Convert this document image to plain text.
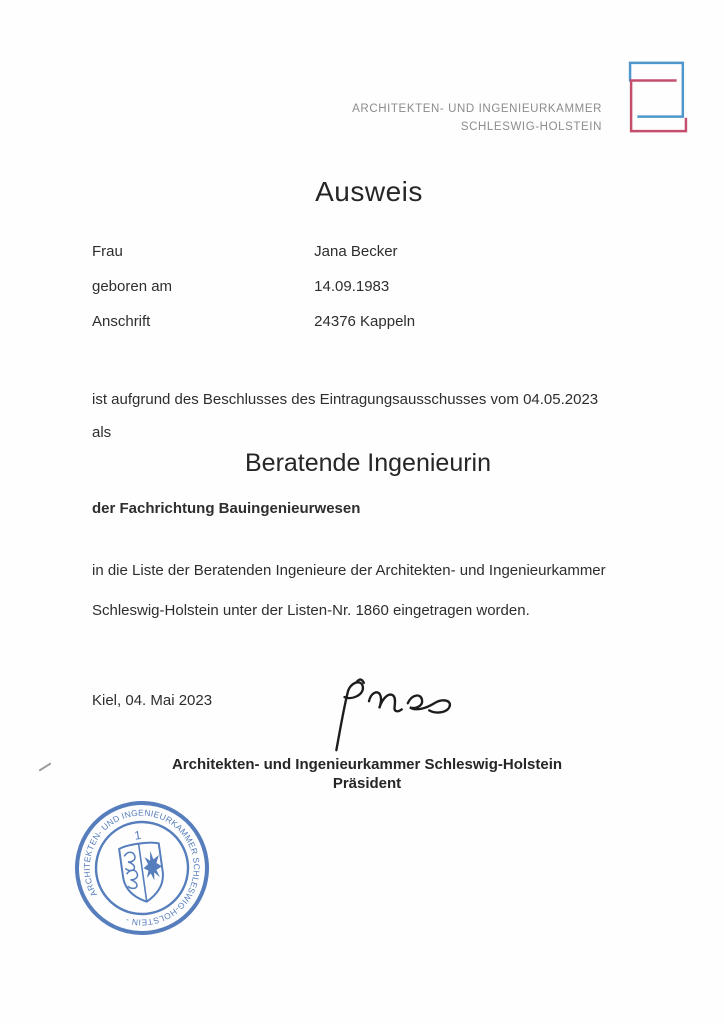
ARCHITEKTEN- UND INGENIEURKAMMER
SCHLESWIG-HOLSTEIN
Ausweis
Frau	Jana Becker
geboren am	14.09.1983
Anschrift	24376 Kappeln
ist aufgrund des Beschlusses des Eintragungsausschusses vom 04.05.2023
als
Beratende Ingenieurin
der Fachrichtung Bauingenieurwesen
in die Liste der Beratenden Ingenieure der Architekten- und Ingenieurkammer
Schleswig-Holstein unter der Listen-Nr. 1860 eingetragen worden.
Kiel, 04. Mai 2023
Architekten- und Ingenieurkammer Schleswig-Holstein
Präsident
ARCHITEKTEN- UND INGENIEURKAMMER SCHLESWIG-HOLSTEIN -
1
